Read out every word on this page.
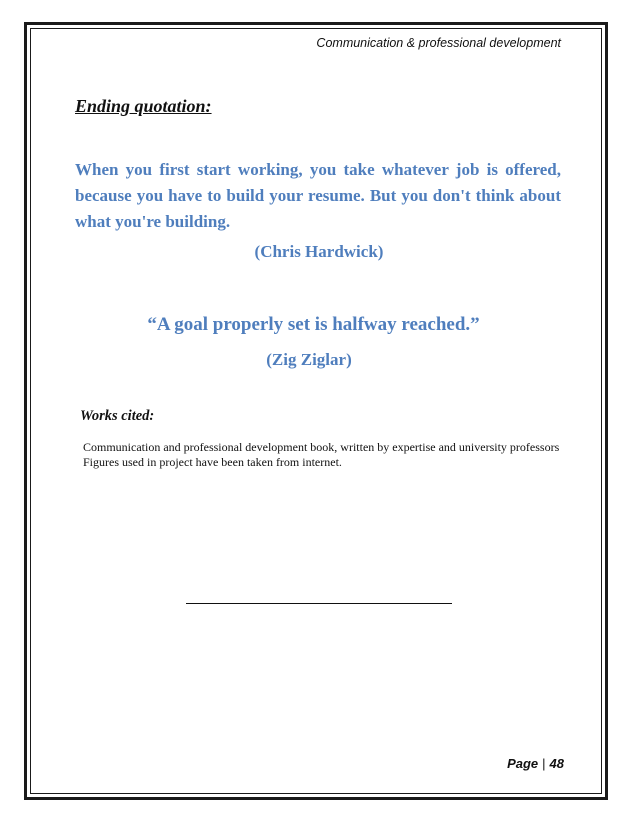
Communication & professional development
Ending quotation:

When you first start working, you take whatever job is offered, because you have to build your resume. But you don't think about what you're building.

(Chris Hardwick)
“A goal properly set is halfway reached.”
(Zig Ziglar)
Works cited:

Communication and professional development book, written by expertise and university professors

Figures used in project have been taken from internet.

Page | 48
